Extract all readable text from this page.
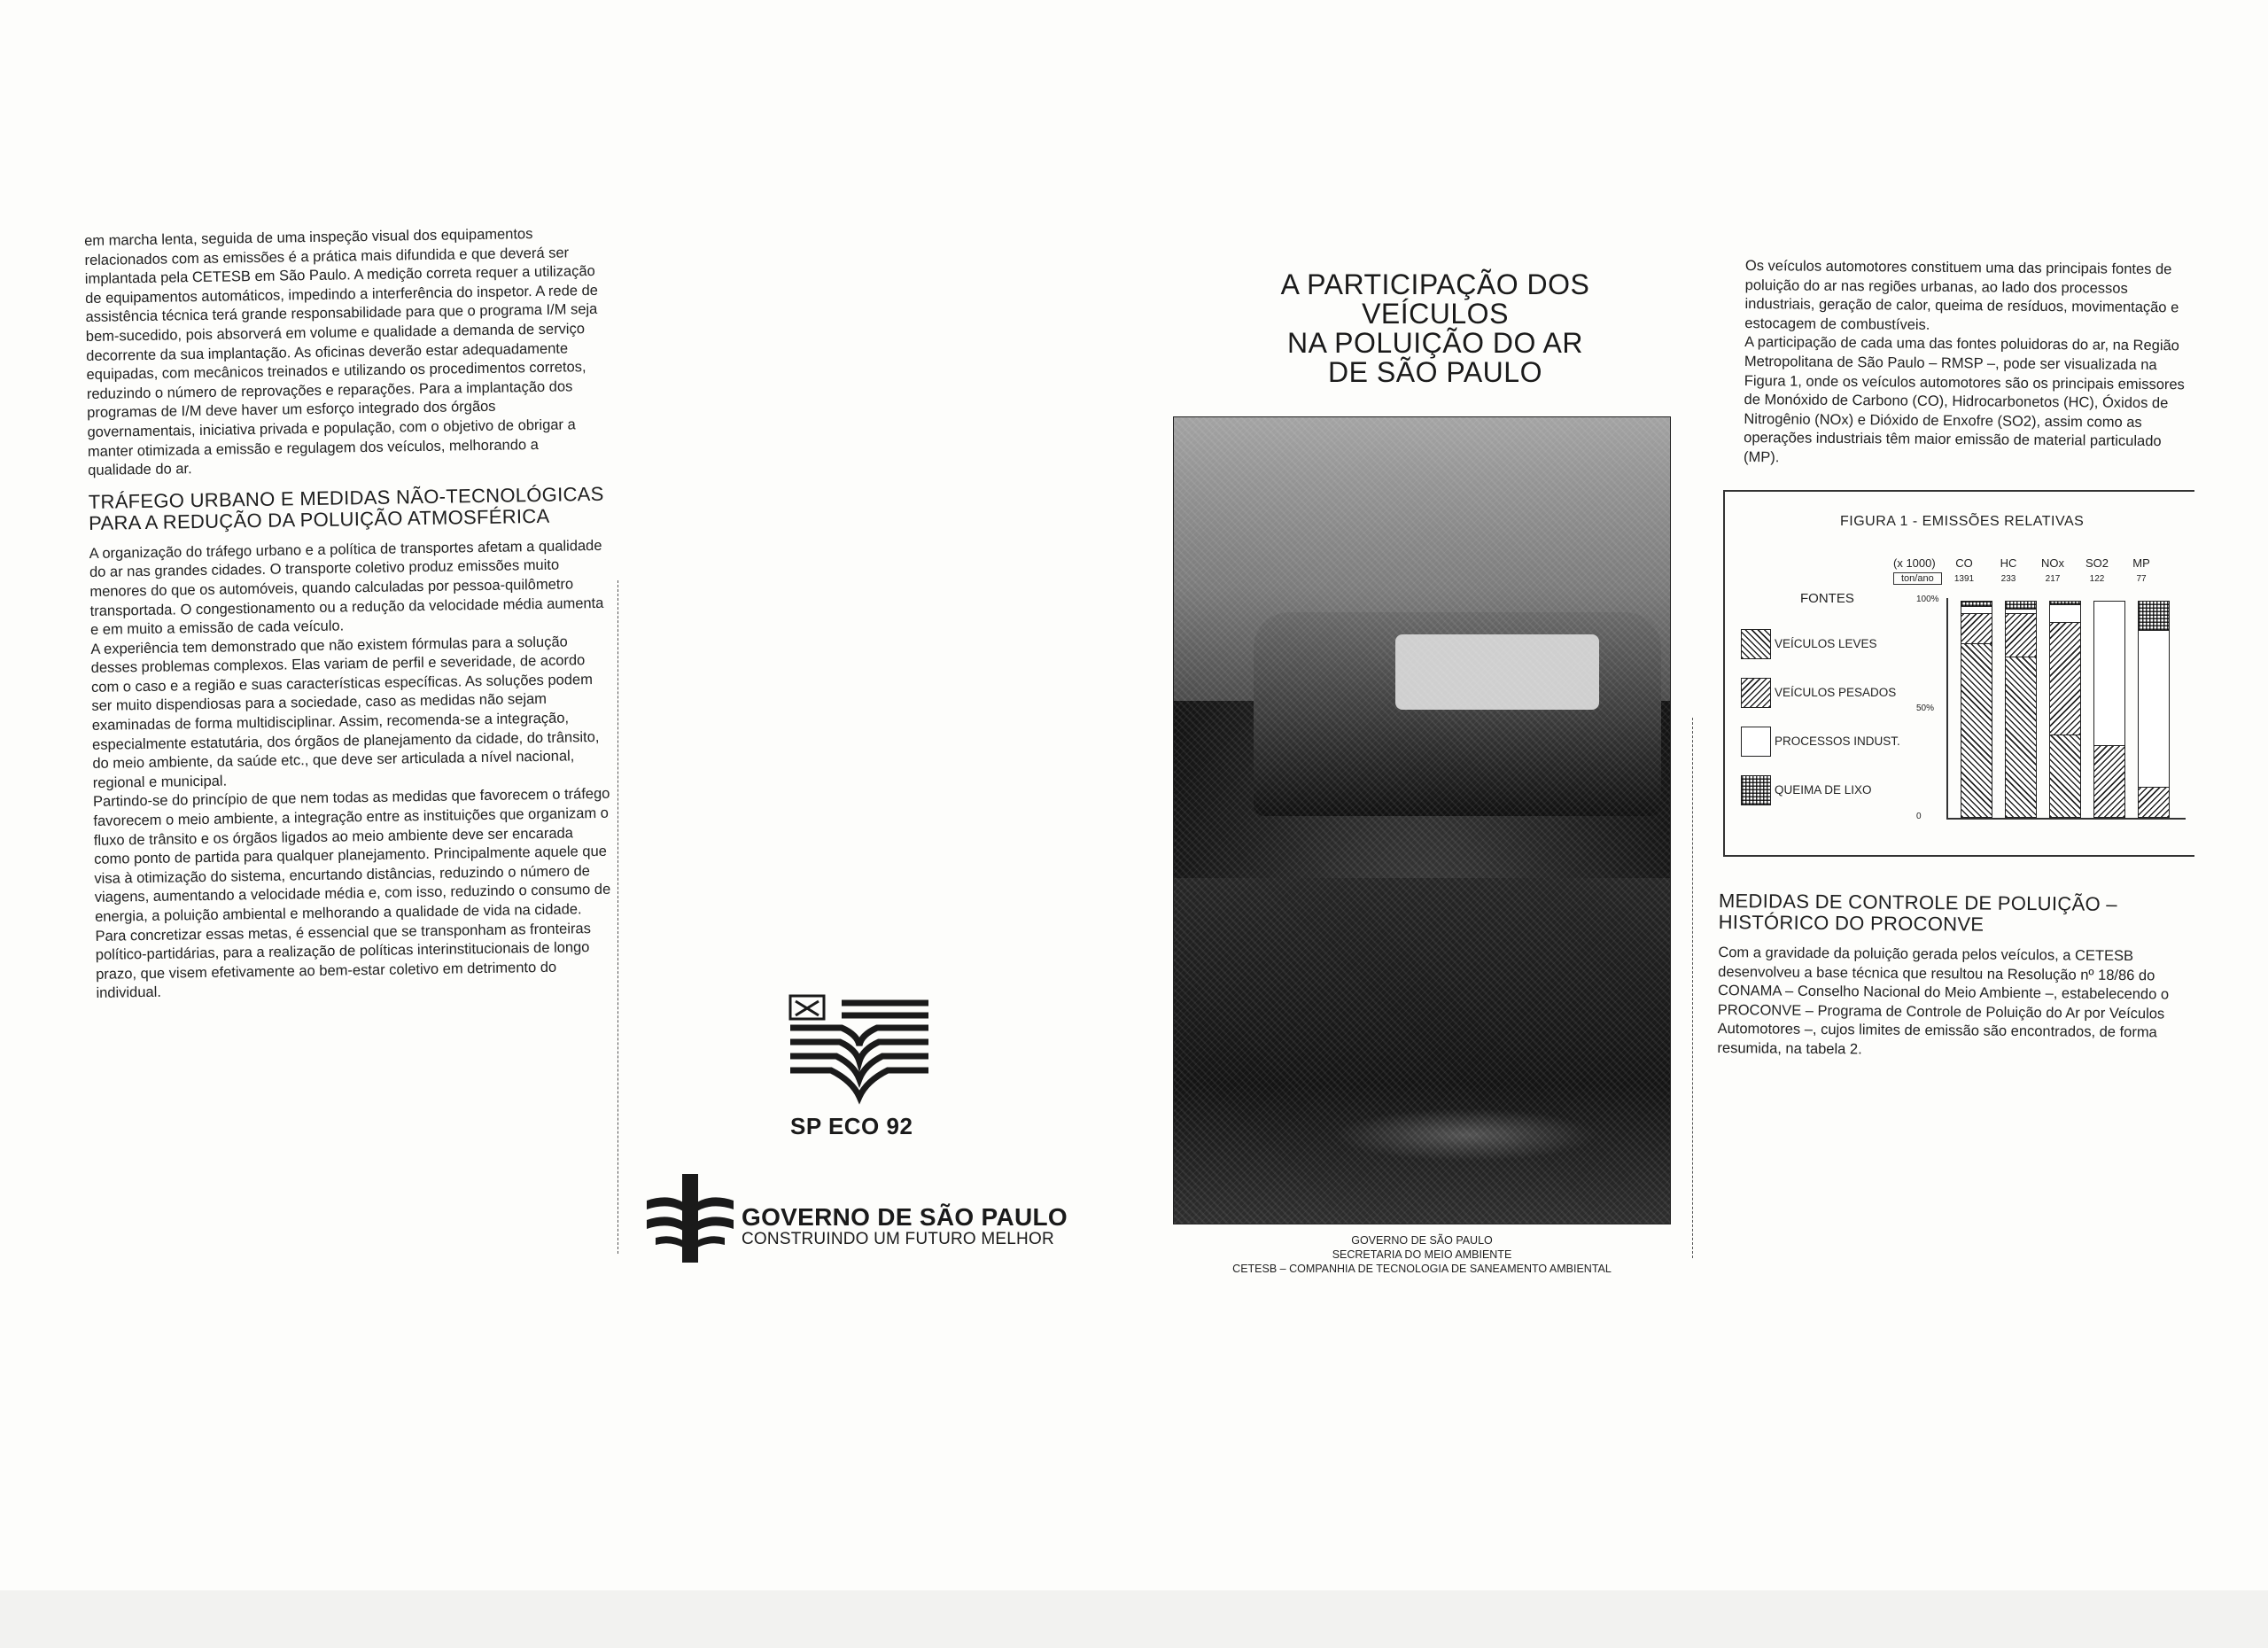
em marcha lenta, seguida de uma inspeção visual dos equipamentos relacionados com as emissões é a prática mais difundida e que deverá ser implantada pela CETESB em São Paulo. A medição correta requer a utilização de equipamentos automáticos, impedindo a interferência do inspetor. A rede de assistência técnica terá grande responsabilidade para que o programa I/M seja bem-sucedido, pois absorverá em volume e qualidade a demanda de serviço decorrente da sua implantação. As oficinas deverão estar adequadamente equipadas, com mecânicos treinados e utilizando os procedimentos corretos, reduzindo o número de reprovações e reparações. Para a implantação dos programas de I/M deve haver um esforço integrado dos órgãos governamentais, iniciativa privada e população, com o objetivo de obrigar a manter otimizada a emissão e regulagem dos veículos, melhorando a qualidade do ar.

TRÁFEGO URBANO E MEDIDAS NÃO-TECNOLÓGICAS PARA A REDUÇÃO DA POLUIÇÃO ATMOSFÉRICA

A organização do tráfego urbano e a política de transportes afetam a qualidade do ar nas grandes cidades. O transporte coletivo produz emissões muito menores do que os automóveis, quando calculadas por pessoa-quilômetro transportada. O congestionamento ou a redução da velocidade média aumenta e em muito a emissão de cada veículo.

A experiência tem demonstrado que não existem fórmulas para a solução desses problemas complexos. Elas variam de perfil e severidade, de acordo com o caso e a região e suas características específicas. As soluções podem ser muito dispendiosas para a sociedade, caso as medidas não sejam examinadas de forma multidisciplinar. Assim, recomenda-se a integração, especialmente estatutária, dos órgãos de planejamento da cidade, do trânsito, do meio ambiente, da saúde etc., que deve ser articulada a nível nacional, regional e municipal.

Partindo-se do princípio de que nem todas as medidas que favorecem o tráfego favorecem o meio ambiente, a integração entre as instituições que organizam o fluxo de trânsito e os órgãos ligados ao meio ambiente deve ser encarada como ponto de partida para qualquer planejamento. Principalmente aquele que visa à otimização do sistema, encurtando distâncias, reduzindo o número de viagens, aumentando a velocidade média e, com isso, reduzindo o consumo de energia, a poluição ambiental e melhorando a qualidade de vida na cidade.

Para concretizar essas metas, é essencial que se transponham as fronteiras político-partidárias, para a realização de políticas interinstitucionais de longo prazo, que visem efetivamente ao bem-estar coletivo em detrimento do individual.

SP ECO 92
GOVERNO DE SÃO PAULO
CONSTRUINDO UM FUTURO MELHOR
A PARTICIPAÇÃO DOS VEÍCULOS
NA POLUIÇÃO DO AR
DE SÃO PAULO
GOVERNO DE SÃO PAULO
SECRETARIA DO MEIO AMBIENTE
CETESB – COMPANHIA DE TECNOLOGIA DE SANEAMENTO AMBIENTAL

Os veículos automotores constituem uma das principais fontes de poluição do ar nas regiões urbanas, ao lado dos processos industriais, geração de calor, queima de resíduos, movimentação e estocagem de combustíveis.

A participação de cada uma das fontes poluidoras do ar, na Região Metropolitana de São Paulo – RMSP –, pode ser visualizada na Figura 1, onde os veículos automotores são os principais emissores de Monóxido de Carbono (CO), Hidrocarbonetos (HC), Óxidos de Nitrogênio (NOx) e Dióxido de Enxofre (SO2), assim como as operações industriais têm maior emissão de material particulado (MP).

FIGURA 1 - EMISSÕES RELATIVAS
FONTES
VEÍCULOS LEVES
VEÍCULOS PESADOS
PROCESSOS INDUST.
QUEIMA DE LIXO
(x 1000)
ton/ano
CO
1391
HC
233
NOx
217
SO2
122
MP
77
100%
50%
0
MEDIDAS DE CONTROLE DE POLUIÇÃO – HISTÓRICO DO PROCONVE

Com a gravidade da poluição gerada pelos veículos, a CETESB desenvolveu a base técnica que resultou na Resolução nº 18/86 do CONAMA – Conselho Nacional do Meio Ambiente –, estabelecendo o PROCONVE – Programa de Controle de Poluição do Ar por Veículos Automotores –, cujos limites de emissão são encontrados, de forma resumida, na tabela 2.
